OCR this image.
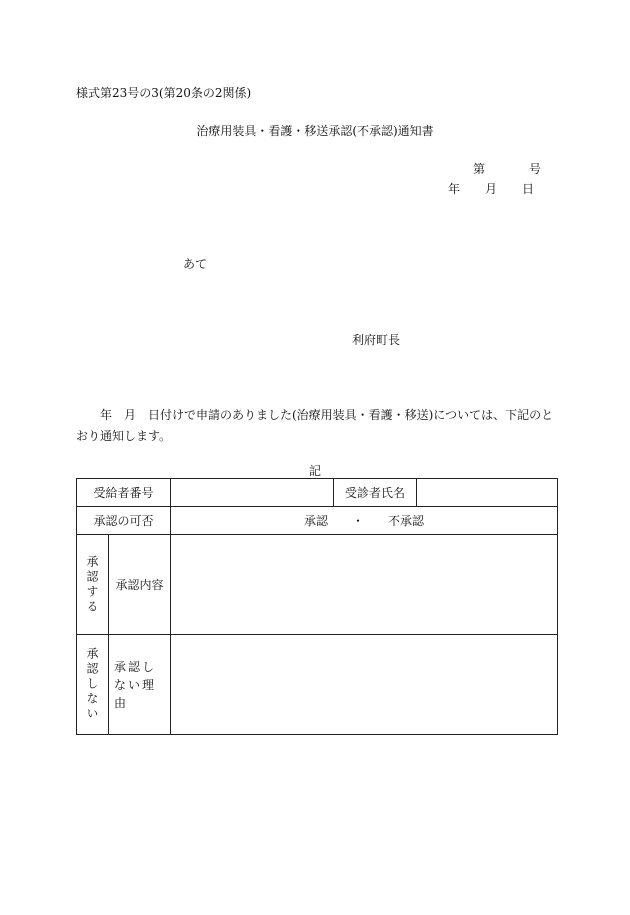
様式第23号の3(第20条の2関係)
治療用装具・看護・移送承認(不承認)通知書
第	号
年 月 日
あて
利府町長
年　月　日付けで申請のありました(治療用装具・看護・移送)については、下記のとおり通知します。
記
受給者番号			受診者氏名	
承認の可否		承認 ・ 不承認		

承認する	承認内容			

承認しない	承認しない理由			
